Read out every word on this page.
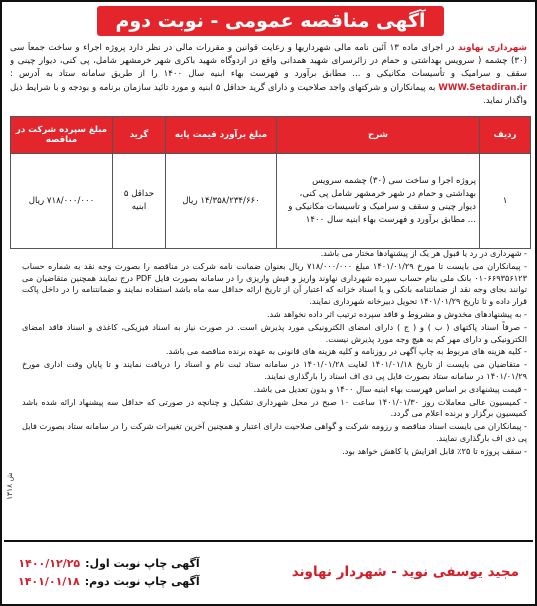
آگهی مناقصه عمومی - نوبت دوم

شهرداری نهاوند در اجرای ماده ۱۳ آئین نامه مالی شهرداریها و رعایت قوانین و مقررات مالی در نظر دارد پروژه اجراء و ساخت جمعاً سی (۳۰) چشمه ( سرویس بهداشتی و حمام در زائرسرای شهید همدانی واقع در اردوگاه شهید باکری شهر خرمشهر شامل، پی کنی، دیوار چینی و سقف و سرامیک و تأسیسات مکانیکی و ... مطابق برآورد و فهرست بهاء ابنیه سال ۱۴۰۰ را از طریق سامانه ستاد به آدرس : WWW.Setadiran.ir به پیمانکاران و شرکتهای واجد صلاحیت و دارای گرید حداقل ۵ ابنیه و مورد تائید سازمان برنامه و بودجه و با شرایط ذیل واگذار نماید.

ردیف	شرح	مبلغ برآورد قیمت پایه	گرید	مبلغ سپرده شرکت در مناقصه
۱	پروژه اجرا و ساخت سی (۳۰) چشمه سرویس بهداشتی و حمام در شهر خرمشهر شامل پی کنی، دیوار چینی و سقف و سرامیک و تاسیسات مکانیکی و ... مطابق برآورد و فهرست بهاء ابنیه سال ۱۴۰۰	۱۴/۳۵۸/۲۳۴/۶۶۰ ریال	حداقل ۵ ابنیه	۷۱۸/۰۰۰/۰۰۰ ریال
- شهرداری در رد یا قبول هر یک از پیشنهادها مختار می باشد.
- پیمانکاران می بایست تا مورخ ۱۴۰۱/۰۱/۲۹ مبلغ ۷۱۸/۰۰۰/۰۰۰ ریال بعنوان ضمانت نامه شرکت در مناقصه را بصورت وجه نقد به شماره حساب ۰۱۰۶۶۹۳۵۶۱۲۳ بانک ملی بنام حساب سپرده شهرداری نهاوند واریز و فیش واریزی را در سامانه بصورت فایل PDF درج نمایند همچنین متقاضیان می توانند بجای وجه نقد از ضمانتنامه بانکی و یا اسناد خزانه که اعتبار آن از تاریخ ارائه حداقل سه ماه باشد استفاده نمایند و ضمانتنامه را در داخل پاکت قرار داده و تا تاریخ ۱۴۰۱/۰۱/۲۹ تحویل دبیرخانه شهرداری نمایند.
- به پیشنهادهای مخدوش و مشروط و فاقد سپرده ترتیب اثر داده نخواهد شد.
- صرفاً اسناد پاکتهای ( ب ) و ( ج ) دارای امضای الکترونیکی مورد پذیرش است. در صورت نیاز به اسناد فیزیکی، کاغذی و اسناد فاقد امضای الکترونیکی و دارای مهر کم به هیچ وجه مورد پذیرش نیست.
- کلیه هزینه های مربوط به چاپ آگهی در روزنامه و کلیه هزینه های قانونی به عهده برنده مناقصه می باشد.
- متقاضیان می بایست از تاریخ ۱۴۰۱/۰۱/۱۸ لغایت ۱۴۰۱/۰۱/۲۸ در سامانه ستاد ثبت نام و اسناد را دریافت نمایند و تا پایان وقت اداری مورخ ۱۴۰۱/۰۱/۲۹ در سامانه ستاد بصورت فایل پی دی اف اسناد را بارگذاری نمایند.
- قیمت پیشنهادی بر اساس فهرست بهاء ابنیه سال ۱۴۰۰ و بدون تعدیل می باشد.
- کمیسیون عالی معاملات روز ۱۴۰۱/۰۱/۳۰ ساعت ۱۰ صبح در محل شهرداری تشکیل و چنانچه در صورتی که حداقل سه پیشنهاد ارائه شده باشد کمیسیون برگزار و برنده اعلام می گردد.
- پیمانکاران می بایست اسناد مناقصه و رزومه شرکت و گواهی صلاحیت دارای اعتبار و همچنین آخرین تغییرات شرکت را در سامانه ستاد بصورت فایل پی دی اف بارگذاری نمایند.
- سقف پروژه تا ۲۵٪ قابل افزایش یا کاهش خواهد بود.
ش ۱۳۱۸
مجید یوسفی نوید - شهردار نهاوند
آگهی چاپ نوبت اول:
۱۴۰۰/۱۲/۲۵
آگهی چاپ نوبت دوم:
۱۴۰۱/۰۱/۱۸
